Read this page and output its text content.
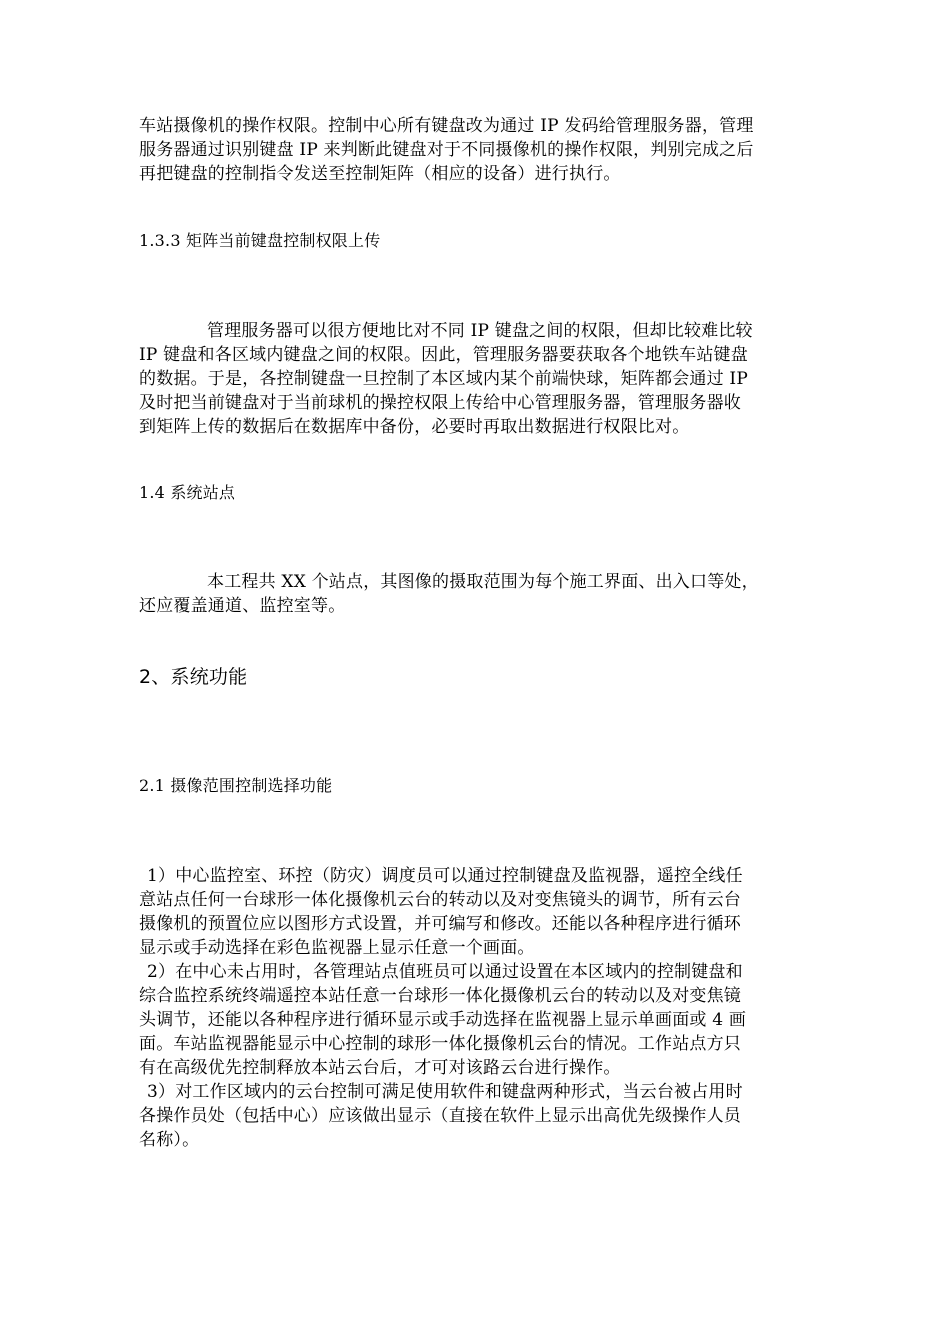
车站摄像机的操作权限。控制中心所有键盘改为通过 IP 发码给管理服务器，管理
服务器通过识别键盘 IP 来判断此键盘对于不同摄像机的操作权限，判别完成之后
再把键盘的控制指令发送至控制矩阵（相应的设备）进行执行。
1.3.3 矩阵当前键盘控制权限上传
管理服务器可以很方便地比对不同 IP 键盘之间的权限，但却比较难比较
IP 键盘和各区域内键盘之间的权限。因此，管理服务器要获取各个地铁车站键盘
的数据。于是，各控制键盘一旦控制了本区域内某个前端快球，矩阵都会通过 IP
及时把当前键盘对于当前球机的操控权限上传给中心管理服务器，管理服务器收
到矩阵上传的数据后在数据库中备份，必要时再取出数据进行权限比对。
1.4 系统站点
本工程共 XX 个站点，其图像的摄取范围为每个施工界面、出入口等处，
还应覆盖通道、监控室等。
2、系统功能
2.1 摄像范围控制选择功能
1）中心监控室、环控（防灾）调度员可以通过控制键盘及监视器，遥控全线任
意站点任何一台球形一体化摄像机云台的转动以及对变焦镜头的调节，所有云台
摄像机的预置位应以图形方式设置，并可编写和修改。还能以各种程序进行循环
显示或手动选择在彩色监视器上显示任意一个画面。
2）在中心未占用时，各管理站点值班员可以通过设置在本区域内的控制键盘和
综合监控系统终端遥控本站任意一台球形一体化摄像机云台的转动以及对变焦镜
头调节，还能以各种程序进行循环显示或手动选择在监视器上显示单画面或 4 画
面。车站监视器能显示中心控制的球形一体化摄像机云台的情况。工作站点方只
有在高级优先控制释放本站云台后，才可对该路云台进行操作。
3）对工作区域内的云台控制可满足使用软件和键盘两种形式，当云台被占用时
各操作员处（包括中心）应该做出显示（直接在软件上显示出高优先级操作人员
名称）。
